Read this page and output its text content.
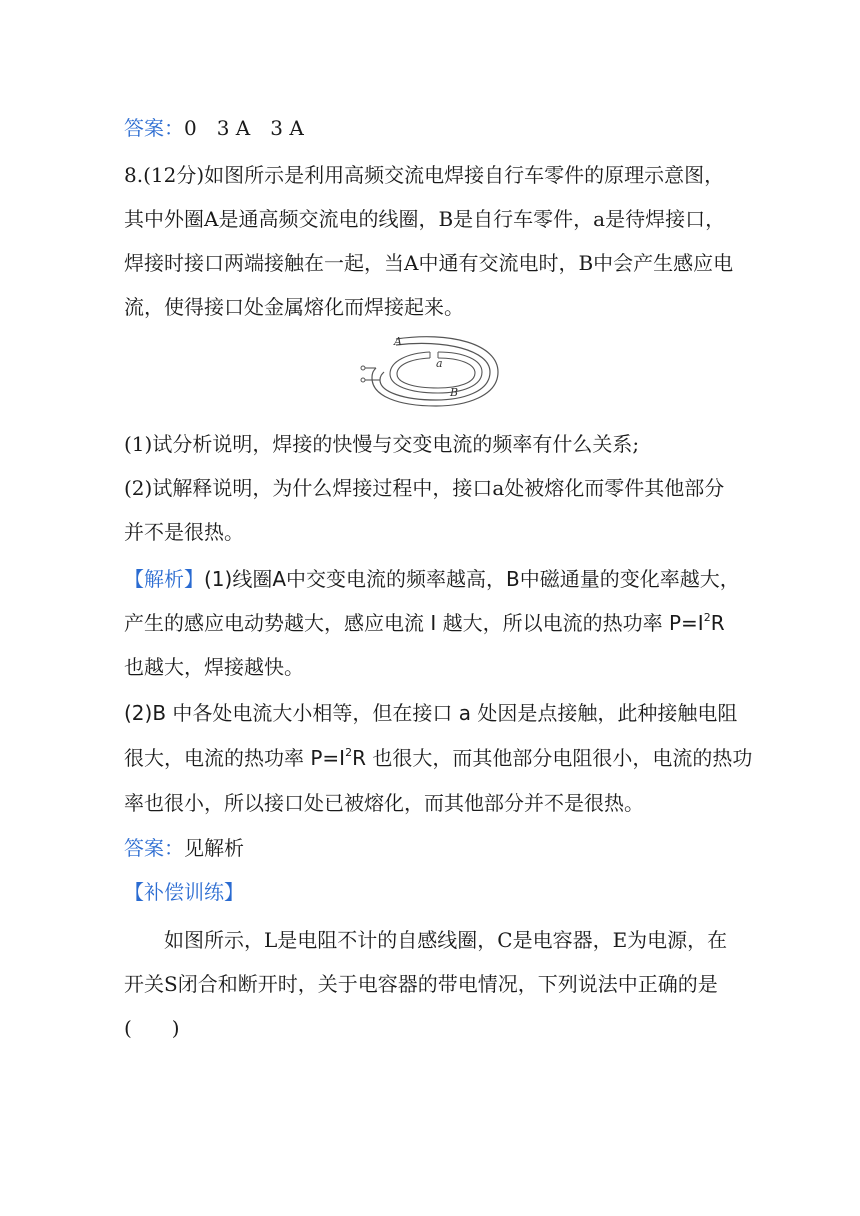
答案：0　3 A　3 A
8.(12分)如图所示是利用高频交流电焊接自行车零件的原理示意图，
其中外圈A是通高频交流电的线圈，B是自行车零件，a是待焊接口，
焊接时接口两端接触在一起，当A中通有交流电时，B中会产生感应电
流，使得接口处金属熔化而焊接起来。
A
a
B
(1)试分析说明，焊接的快慢与交变电流的频率有什么关系;
(2)试解释说明，为什么焊接过程中，接口a处被熔化而零件其他部分
并不是很热。
【解析】(1)线圈A中交变电流的频率越高，B中磁通量的变化率越大，
产生的感应电动势越大，感应电流 I 越大，所以电流的热功率 $P=I^2R$
也越大，焊接越快。
(2)B 中各处电流大小相等，但在接口 a 处因是点接触，此种接触电阻
很大，电流的热功率 $P=I^2R$ 也很大，而其他部分电阻很小，电流的热功
率也很小，所以接口处已被熔化，而其他部分并不是很热。
答案：见解析
【补偿训练】
如图所示，L是电阻不计的自感线圈，C是电容器，E为电源，在
开关S闭合和断开时，关于电容器的带电情况，下列说法中正确的是
(　　)
